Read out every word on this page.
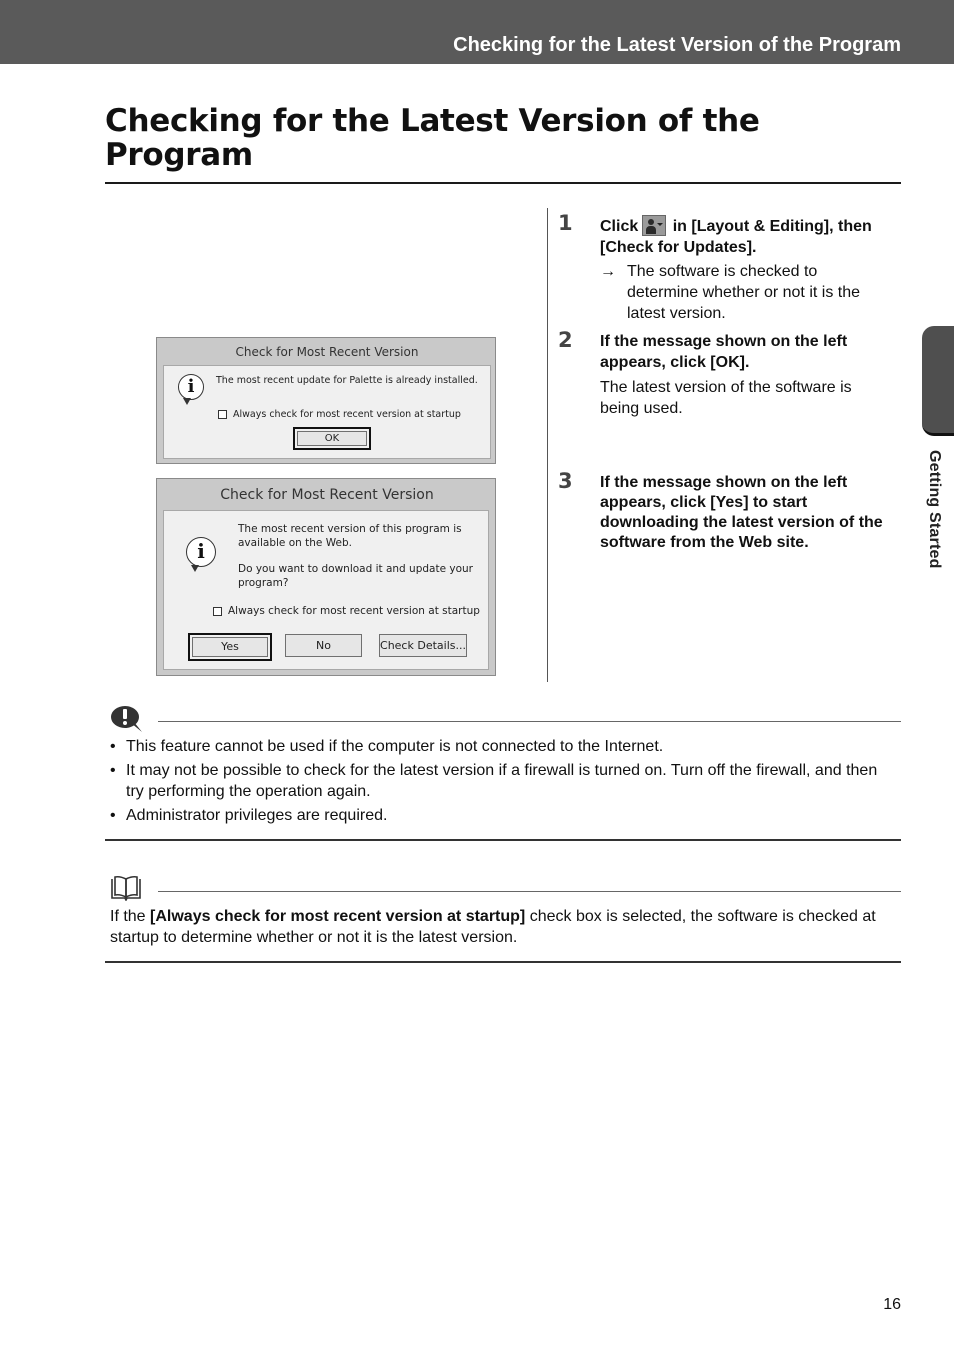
Checking for the Latest Version of the Program
Checking for the Latest Version of the Program
Getting Started
Check for Most Recent Version
i	The most recent update for Palette is already installed.
Always check for most recent version at startup
OK
Check for Most Recent Version
i
The most recent version of this program is
available on the Web.
Do you want to download it and update your
program?
Always check for most recent version at startup
Yes	No	Check Details...
1 Click in [Layout & Editing], then
[Check for Updates].
→ The software is checked to determine whether or not it is the latest version.
2 If the message shown on the left appears, click [OK].
The latest version of the software is being used.
3 If the message shown on the left appears, click [Yes] to start downloading the latest version of the software from the Web site.
• This feature cannot be used if the computer is not connected to the Internet.
• It may not be possible to check for the latest version if a firewall is turned on. Turn off the firewall, and then try performing the operation again.
• Administrator privileges are required.
If the [Always check for most recent version at startup] check box is selected, the software is checked at startup to determine whether or not it is the latest version.
16
